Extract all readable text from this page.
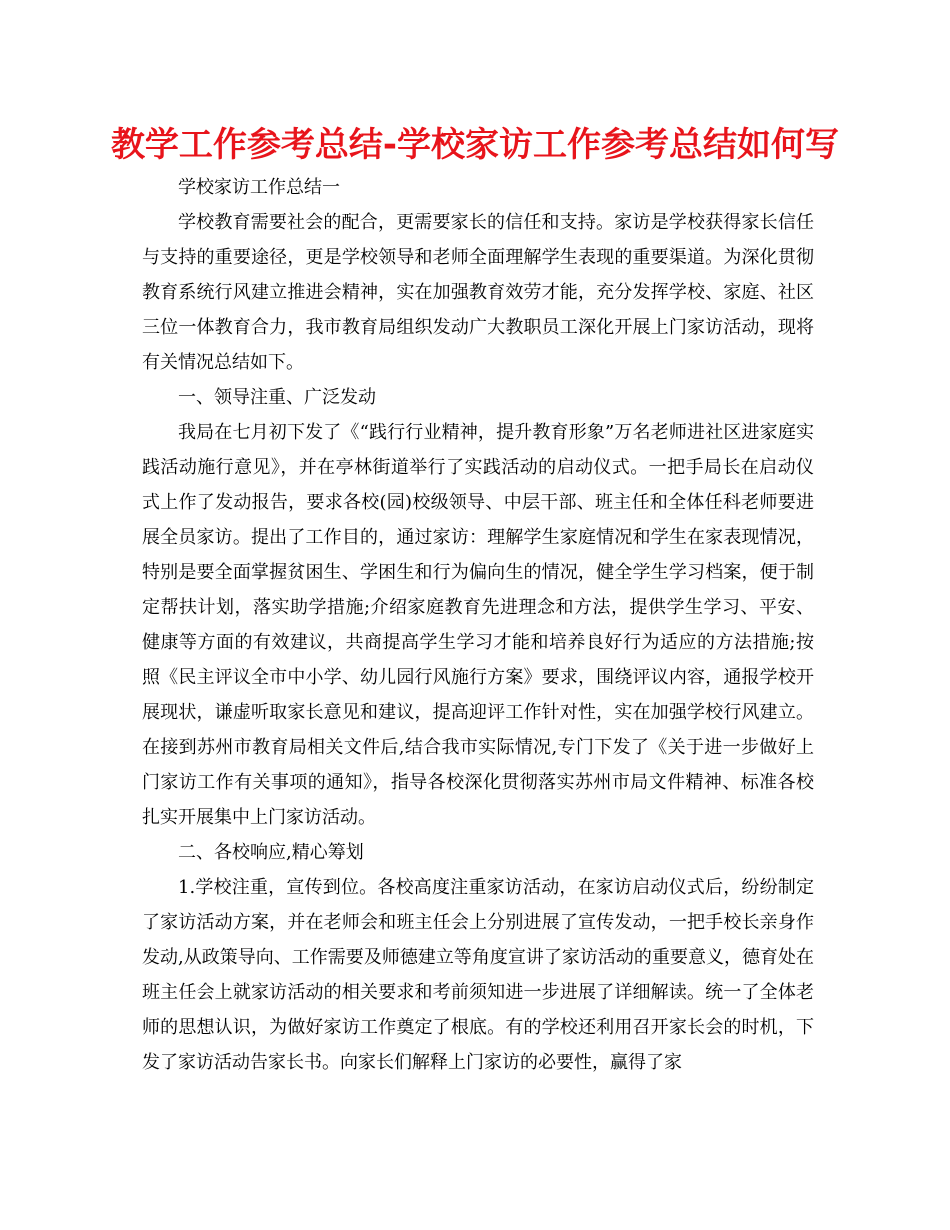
教学工作参考总结-学校家访工作参考总结如何写

学校家访工作总结一

学校教育需要社会的配合，更需要家长的信任和支持。家访是学校获得家长信任与支持的重要途径，更是学校领导和老师全面理解学生表现的重要渠道。为深化贯彻教育系统行风建立推进会精神，实在加强教育效劳才能，充分发挥学校、家庭、社区三位一体教育合力，我市教育局组织发动广大教职员工深化开展上门家访活动，现将有关情况总结如下。

一、领导注重、广泛发动

我局在七月初下发了《“践行行业精神，提升教育形象”万名老师进社区进家庭实践活动施行意见》，并在亭林街道举行了实践活动的启动仪式。一把手局长在启动仪式上作了发动报告，要求各校(园)校级领导、中层干部、班主任和全体任科老师要进展全员家访。提出了工作目的，通过家访：理解学生家庭情况和学生在家表现情况，特别是要全面掌握贫困生、学困生和行为偏向生的情况，健全学生学习档案，便于制定帮扶计划，落实助学措施;介绍家庭教育先进理念和方法，提供学生学习、平安、健康等方面的有效建议，共商提高学生学习才能和培养良好行为适应的方法措施;按照《民主评议全市中小学、幼儿园行风施行方案》要求，围绕评议内容，通报学校开展现状，谦虚听取家长意见和建议，提高迎评工作针对性，实在加强学校行风建立。在接到苏州市教育局相关文件后,结合我市实际情况,专门下发了《关于进一步做好上门家访工作有关事项的通知》，指导各校深化贯彻落实苏州市局文件精神、标准各校扎实开展集中上门家访活动。

二、各校响应,精心筹划

1.学校注重，宣传到位。各校高度注重家访活动，在家访启动仪式后，纷纷制定了家访活动方案，并在老师会和班主任会上分别进展了宣传发动，一把手校长亲身作发动,从政策导向、工作需要及师德建立等角度宣讲了家访活动的重要意义，德育处在班主任会上就家访活动的相关要求和考前须知进一步进展了详细解读。统一了全体老师的思想认识，为做好家访工作奠定了根底。有的学校还利用召开家长会的时机，下发了家访活动告家长书。向家长们解释上门家访的必要性，赢得了家
